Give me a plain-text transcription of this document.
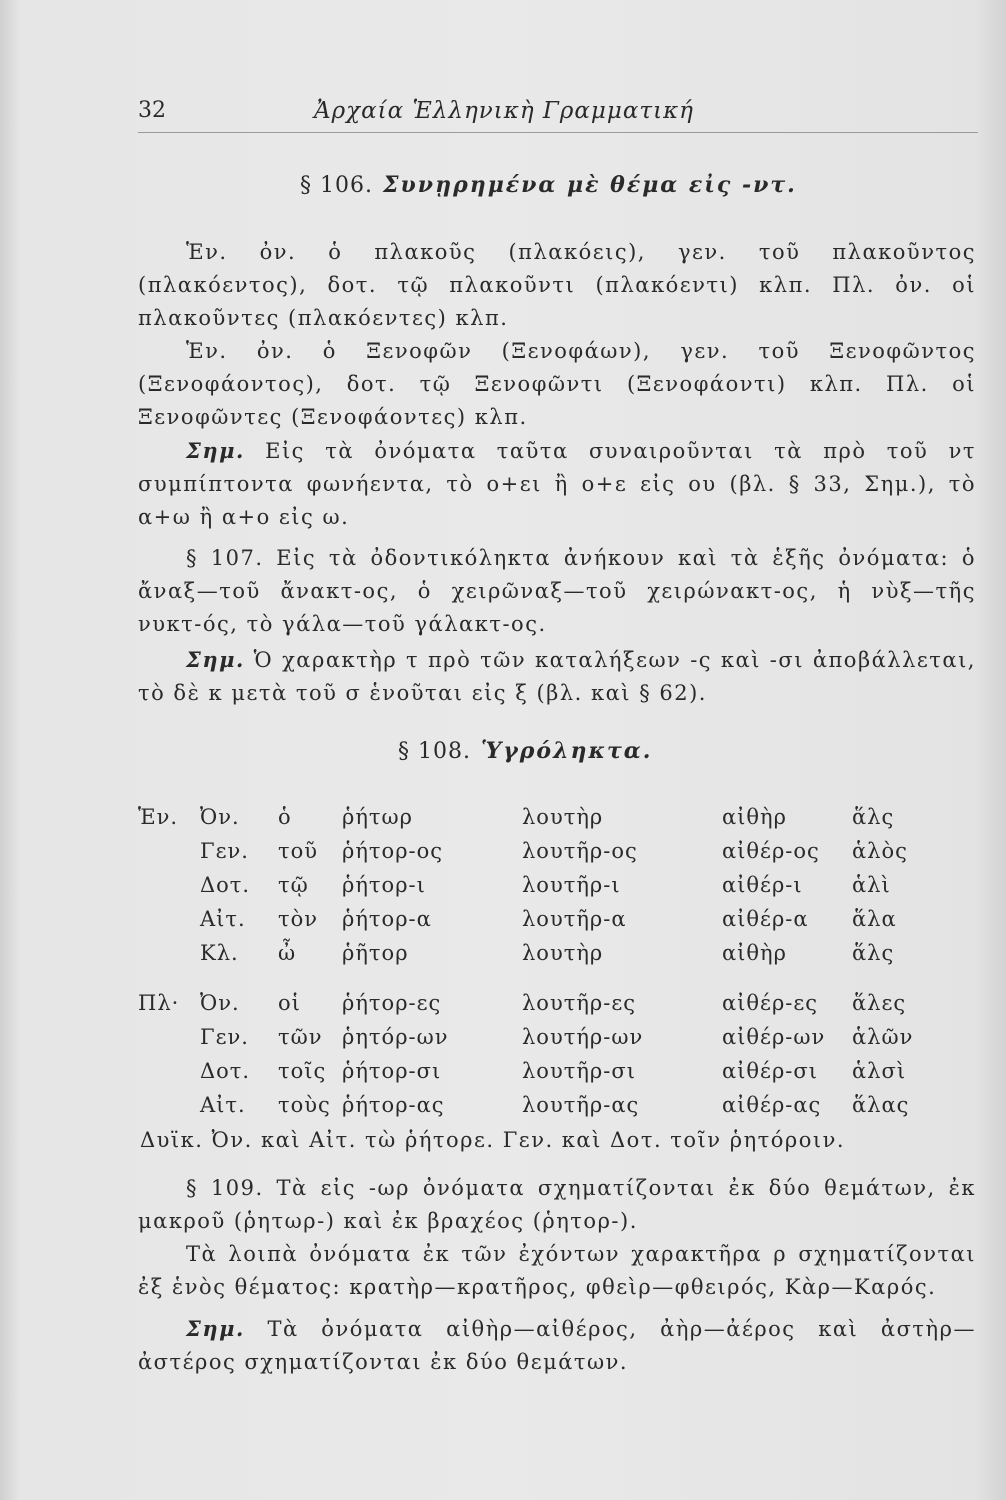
32	Ἀρχαία Ἑλληνικὴ Γραμματική
§ 106. Συνῃρημένα μὲ θέμα εἰς -ντ.

Ἑν. ὀν. ὁ πλακοῦς (πλακόεις), γεν. τοῦ πλακοῦντος (πλακόεντος), δοτ. τῷ πλακοῦντι (πλακόεντι) κλπ. Πλ. ὀν. οἱ πλακοῦντες (πλακόεντες) κλπ.

Ἑν. ὀν. ὁ Ξενοφῶν (Ξενοφάων), γεν. τοῦ Ξενοφῶντος (Ξενοφάοντος), δοτ. τῷ Ξενοφῶντι (Ξενοφάοντι) κλπ. Πλ. οἱ Ξενοφῶντες (Ξενοφάοντες) κλπ.

Σημ. Εἰς τὰ ὀνόματα ταῦτα συναιροῦνται τὰ πρὸ τοῦ ντ συμπίπτοντα φωνήεντα, τὸ ο+ει ἢ ο+ε εἰς ου (βλ. § 33, Σημ.), τὸ α+ω ἢ α+ο εἰς ω.

§ 107. Εἰς τὰ ὀδοντικόληκτα ἀνήκουν καὶ τὰ ἑξῆς ὀνόματα: ὁ ἄναξ—τοῦ ἄνακτ-ος, ὁ χειρῶναξ—τοῦ χειρώνακτ-ος, ἡ νὺξ—τῆς νυκτ-ός, τὸ γάλα—τοῦ γάλακτ-ος.

Σημ. Ὁ χαρακτὴρ τ πρὸ τῶν καταλήξεων -ς καὶ -σι ἀποβάλλεται, τὸ δὲ κ μετὰ τοῦ σ ἑνοῦται εἰς ξ (βλ. καὶ § 62).

§ 108. Ὑγρόληκτα.
Ἑν.	Ὀν.	ὁ	ῥήτωρ	λουτὴρ	αἰθὴρ	ἅλς
	Γεν.	τοῦ	ῥήτορ-ος	λουτῆρ-ος	αἰθέρ-ος	ἁλὸς
	Δοτ.	τῷ	ῥήτορ-ι	λουτῆρ-ι	αἰθέρ-ι	ἁλὶ
	Αἰτ.	τὸν	ῥήτορ-α	λουτῆρ-α	αἰθέρ-α	ἅλα
	Κλ.	ὦ	ῥῆτορ	λουτὴρ	αἰθὴρ	ἅλς

Πλ·	Ὀν.	οἱ	ῥήτορ-ες	λουτῆρ-ες	αἰθέρ-ες	ἅλες
	Γεν.	τῶν	ῥητόρ-ων	λουτήρ-ων	αἰθέρ-ων	ἁλῶν
	Δοτ.	τοῖς	ῥήτορ-σι	λουτῆρ-σι	αἰθέρ-σι	ἁλσὶ
	Αἰτ.	τοὺς	ῥήτορ-ας	λουτῆρ-ας	αἰθέρ-ας	ἅλας

Δυϊκ. Ὀν. καὶ Αἰτ. τὼ ῥήτορε. Γεν. καὶ Δοτ. τοῖν ῥητόροιν.

§ 109. Τὰ εἰς -ωρ ὀνόματα σχηματίζονται ἐκ δύο θεμάτων, ἐκ μακροῦ (ῥητωρ-) καὶ ἐκ βραχέος (ῥητορ-).

Τὰ λοιπὰ ὀνόματα ἐκ τῶν ἐχόντων χαρακτῆρα ρ σχηματίζονται ἐξ ἑνὸς θέματος: κρατὴρ—κρατῆρος, φθεὶρ—φθειρός, Κὰρ—Καρός.

Σημ. Τὰ ὀνόματα αἰθὴρ—αἰθέρος, ἀὴρ—ἀέρος καὶ ἀστὴρ—ἀστέρος σχηματίζονται ἐκ δύο θεμάτων.
